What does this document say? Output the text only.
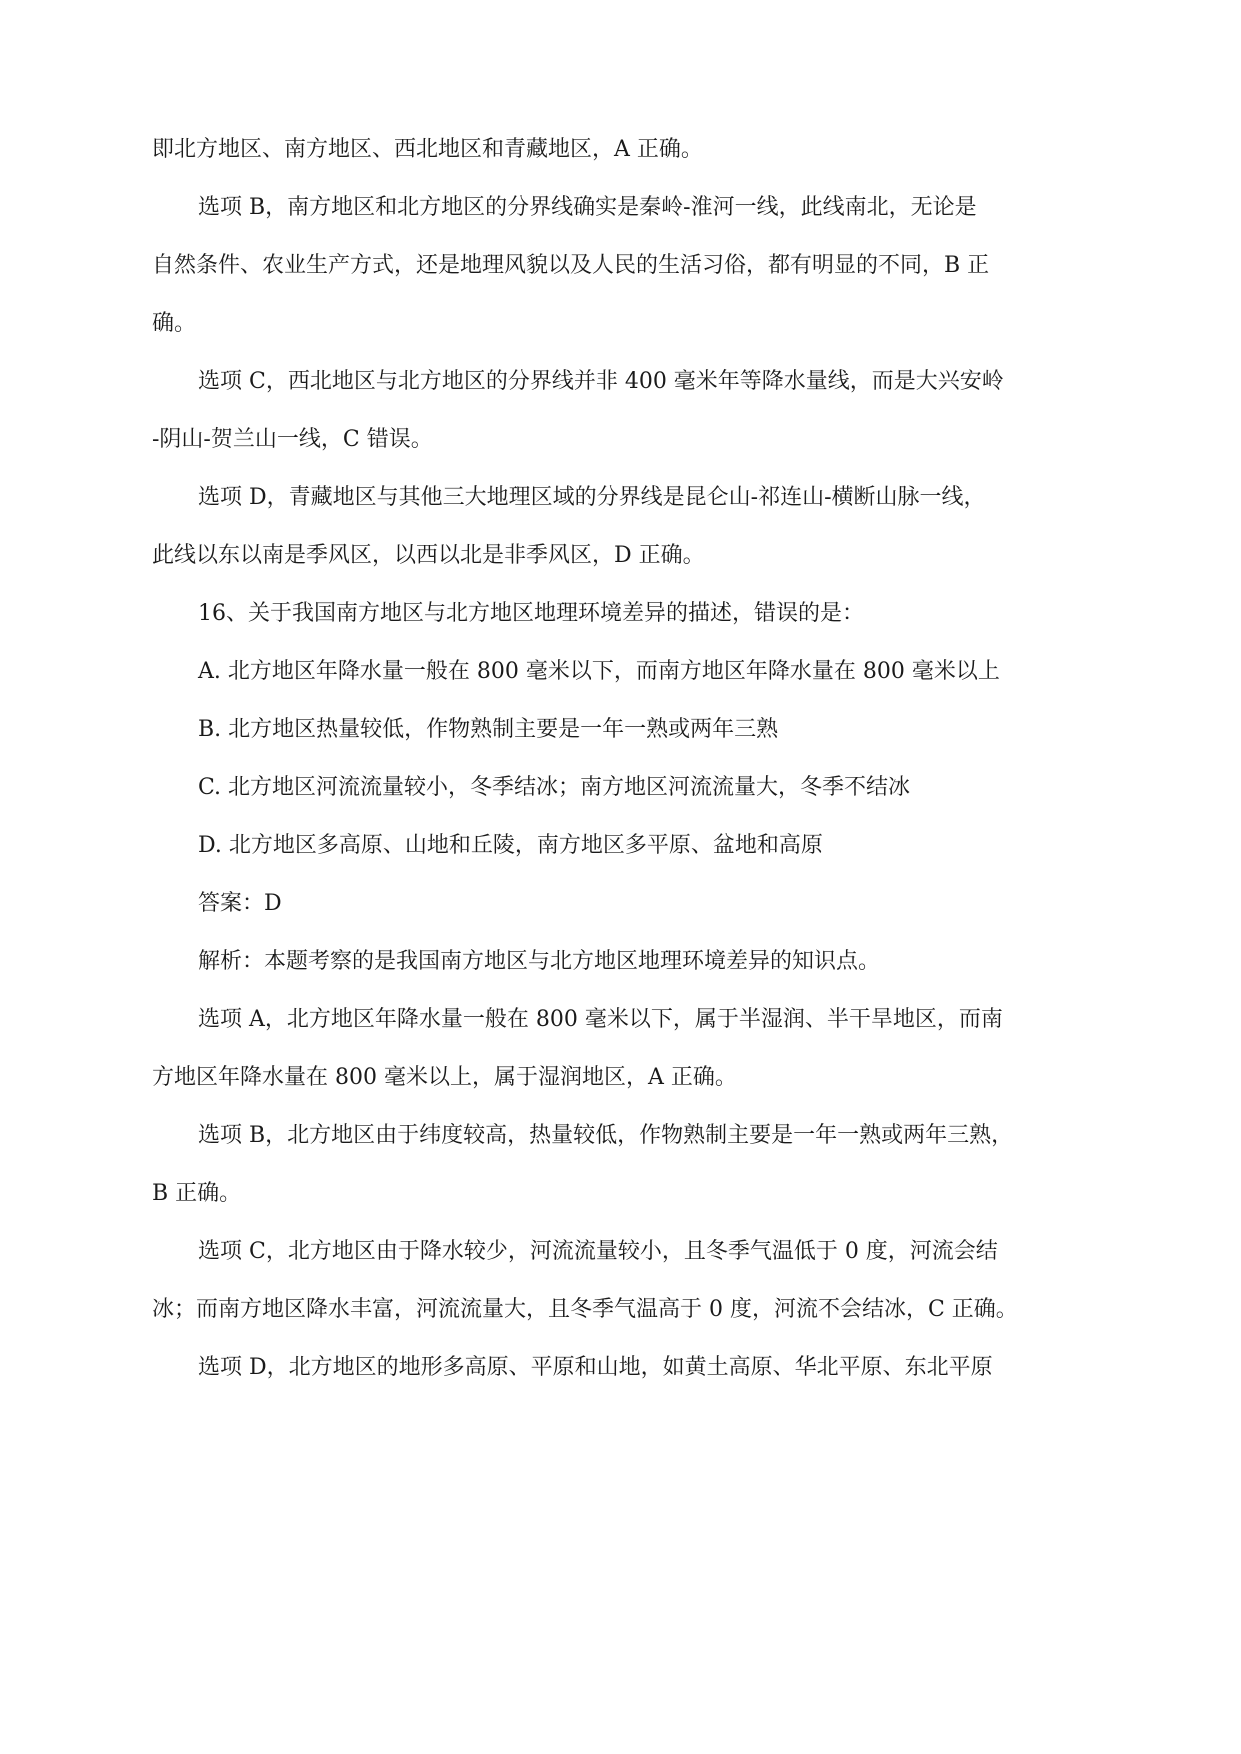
即北方地区、南方地区、西北地区和青藏地区，A 正确。
选项 B，南方地区和北方地区的分界线确实是秦岭-淮河一线，此线南北，无论是
自然条件、农业生产方式，还是地理风貌以及人民的生活习俗，都有明显的不同，B 正
确。
选项 C，西北地区与北方地区的分界线并非 400 毫米年等降水量线，而是大兴安岭
-阴山-贺兰山一线，C 错误。
选项 D，青藏地区与其他三大地理区域的分界线是昆仑山-祁连山-横断山脉一线，
此线以东以南是季风区，以西以北是非季风区，D 正确。
16、关于我国南方地区与北方地区地理环境差异的描述，错误的是：
A. 北方地区年降水量一般在 800 毫米以下，而南方地区年降水量在 800 毫米以上
B. 北方地区热量较低，作物熟制主要是一年一熟或两年三熟
C. 北方地区河流流量较小，冬季结冰；南方地区河流流量大，冬季不结冰
D. 北方地区多高原、山地和丘陵，南方地区多平原、盆地和高原
答案：D
解析：本题考察的是我国南方地区与北方地区地理环境差异的知识点。
选项 A，北方地区年降水量一般在 800 毫米以下，属于半湿润、半干旱地区，而南
方地区年降水量在 800 毫米以上，属于湿润地区，A 正确。
选项 B，北方地区由于纬度较高，热量较低，作物熟制主要是一年一熟或两年三熟，
B 正确。
选项 C，北方地区由于降水较少，河流流量较小，且冬季气温低于 0 度，河流会结
冰；而南方地区降水丰富，河流流量大，且冬季气温高于 0 度，河流不会结冰，C 正确。
选项 D，北方地区的地形多高原、平原和山地，如黄土高原、华北平原、东北平原
